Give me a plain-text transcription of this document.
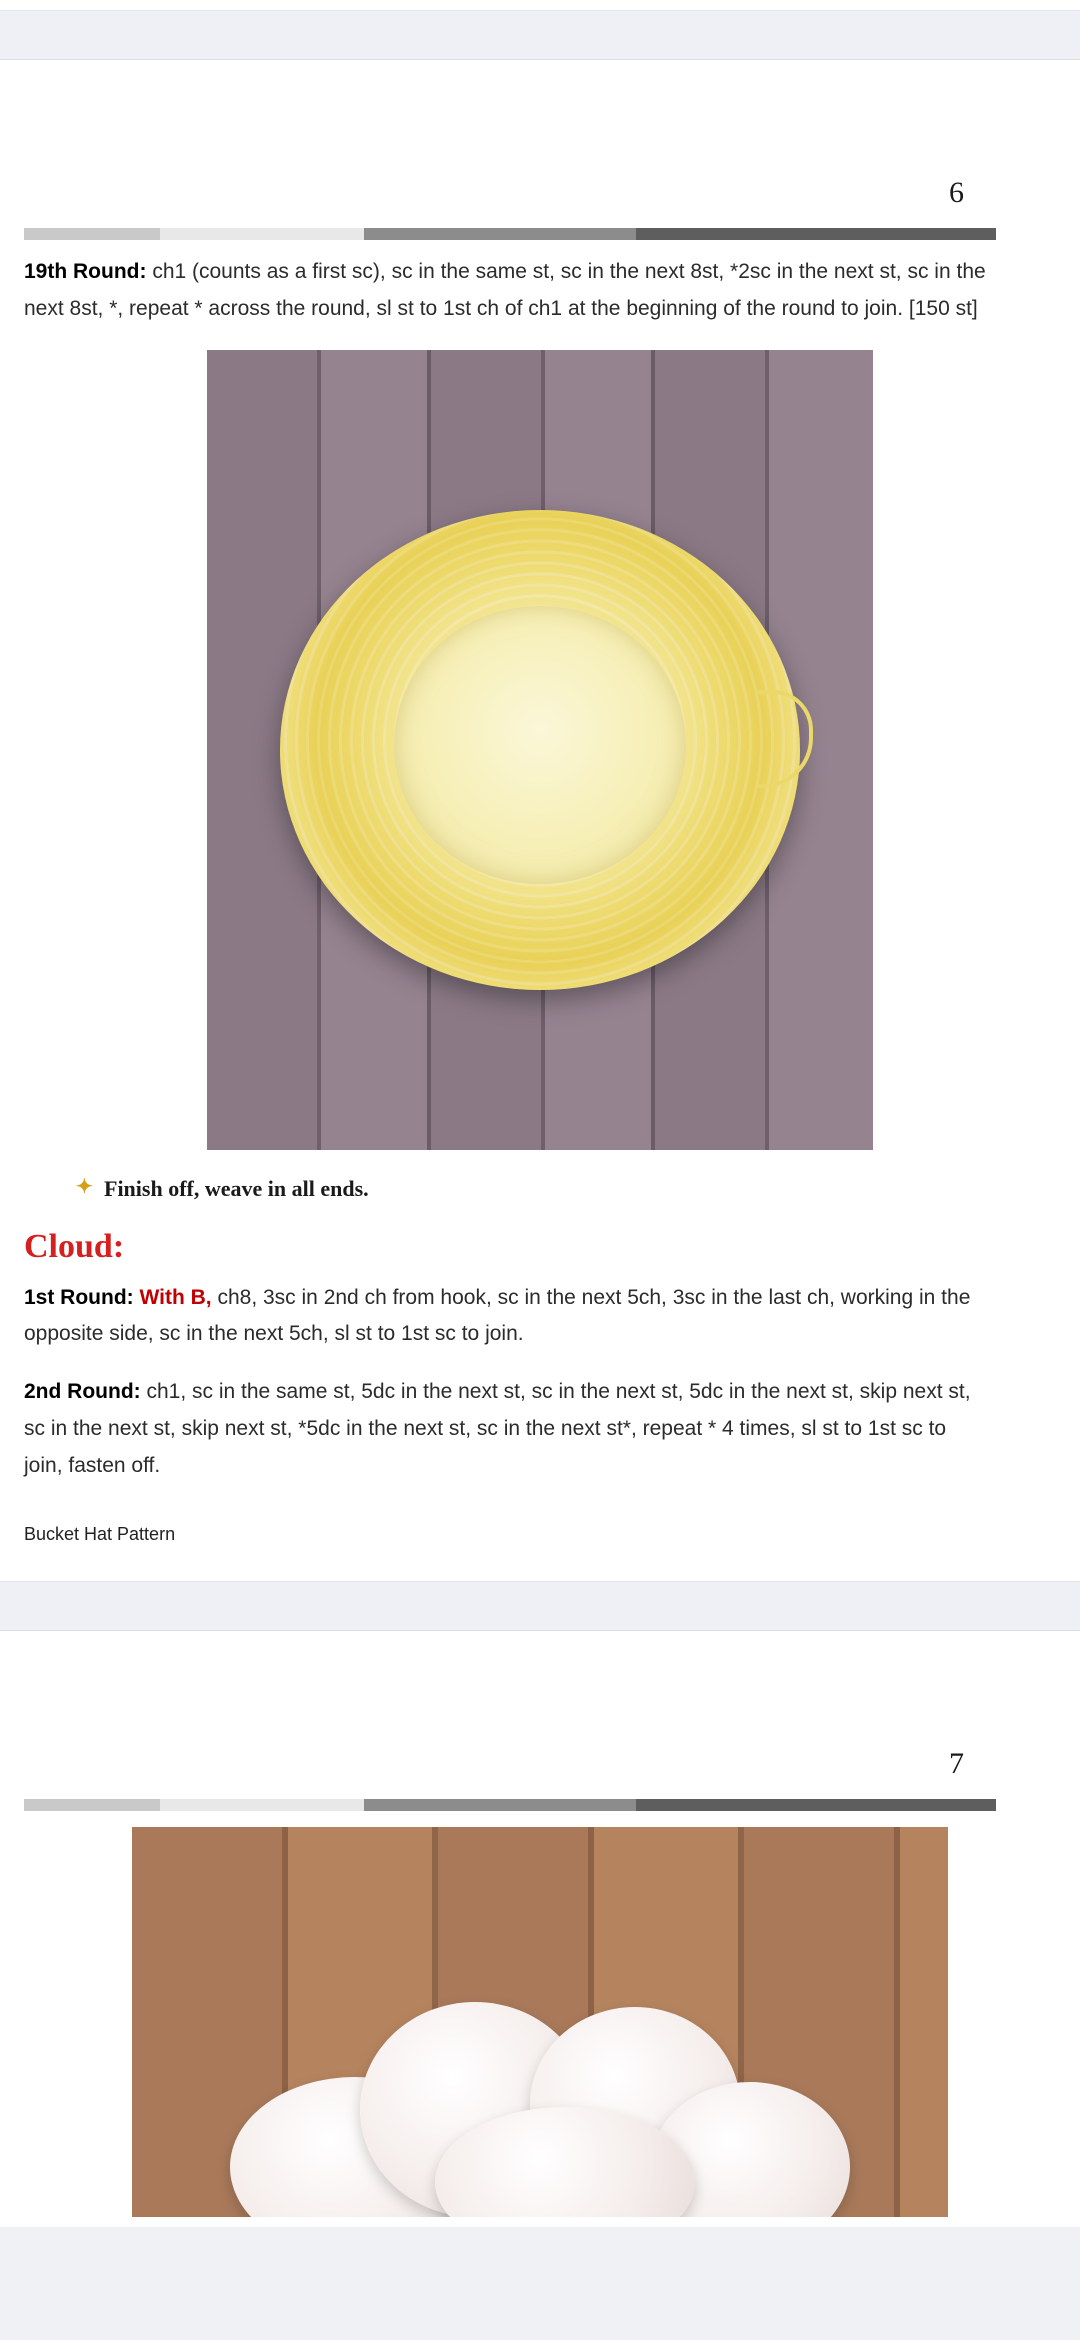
6

19th Round: ch1 (counts as a first sc), sc in the same st, sc in the next 8st, *2sc in the next st, sc in the next 8st, *, repeat * across the round, sl st to 1st ch of ch1 at the beginning of the round to join. [150 st]

✦
Finish off, weave in all ends.
Cloud:

1st Round: With B, ch8, 3sc in 2nd ch from hook, sc in the next 5ch, 3sc in the last ch, working in the opposite side, sc in the next 5ch, sl st to 1st sc to join.

2nd Round: ch1, sc in the same st, 5dc in the next st, sc in the next st, 5dc in the next st, skip next st, sc in the next st, skip next st, *5dc in the next st, sc in the next st*, repeat * 4 times, sl st to 1st sc to join, fasten off.

Bucket Hat Pattern
7
